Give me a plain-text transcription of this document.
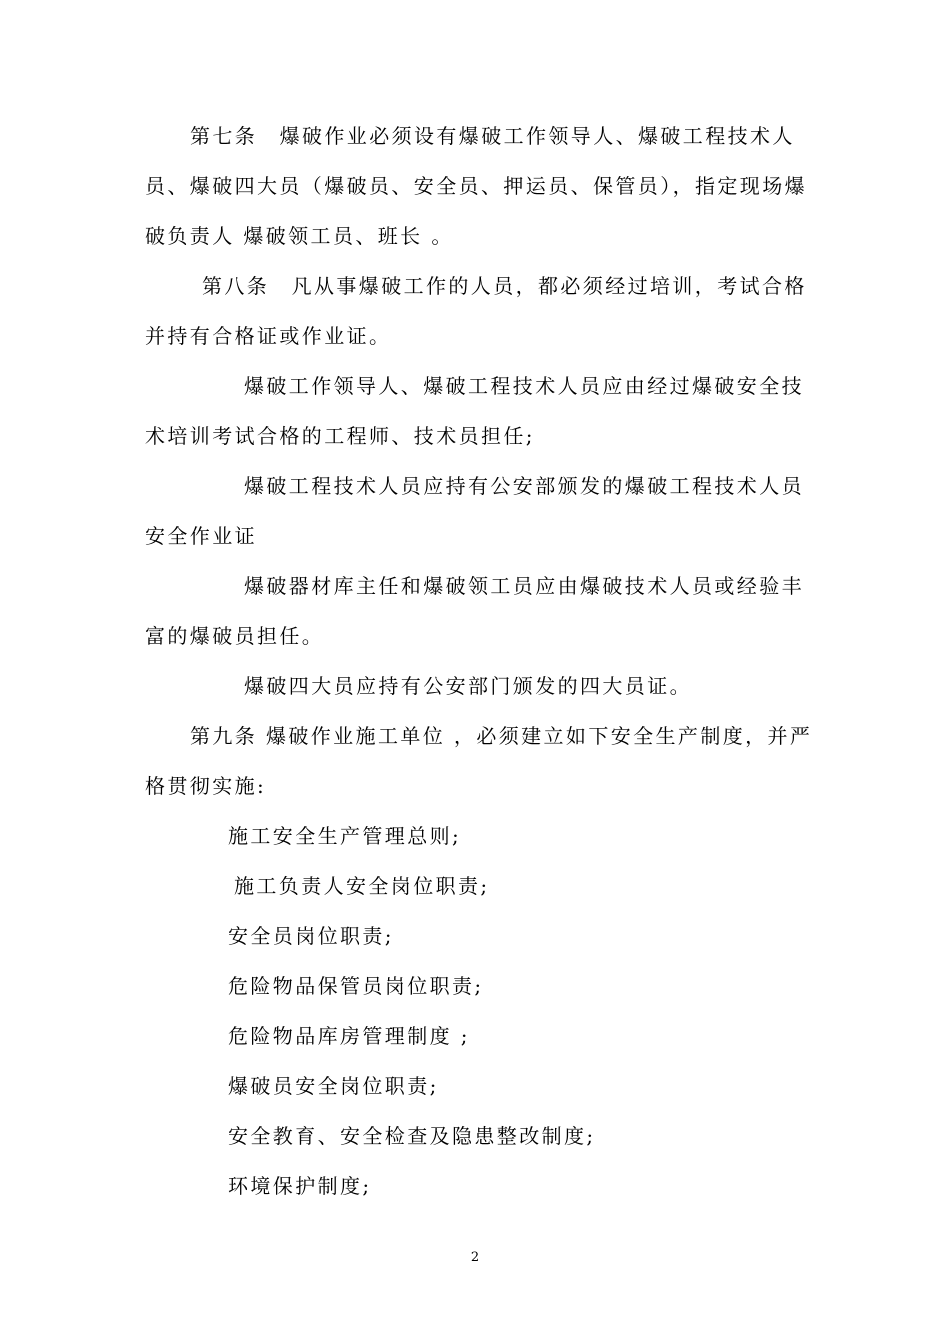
第七条　爆破作业必须设有爆破工作领导人、爆破工程技术人
员、爆破四大员（爆破员、安全员、押运员、保管员），指定现场爆
破负责人 爆破领工员、班长 。
第八条　凡从事爆破工作的人员，都必须经过培训，考试合格
并持有合格证或作业证。
爆破工作领导人、爆破工程技术人员应由经过爆破安全技
术培训考试合格的工程师、技术员担任;
爆破工程技术人员应持有公安部颁发的爆破工程技术人员
安全作业证
爆破器材库主任和爆破领工员应由爆破技术人员或经验丰
富的爆破员担任。
爆破四大员应持有公安部门颁发的四大员证。
第九条 爆破作业施工单位 ，必须建立如下安全生产制度，并严
格贯彻实施:
施工安全生产管理总则;
施工负责人安全岗位职责;
安全员岗位职责;
危险物品保管员岗位职责;
危险物品库房管理制度 ;
爆破员安全岗位职责;
安全教育、安全检查及隐患整改制度;
环境保护制度;
2
